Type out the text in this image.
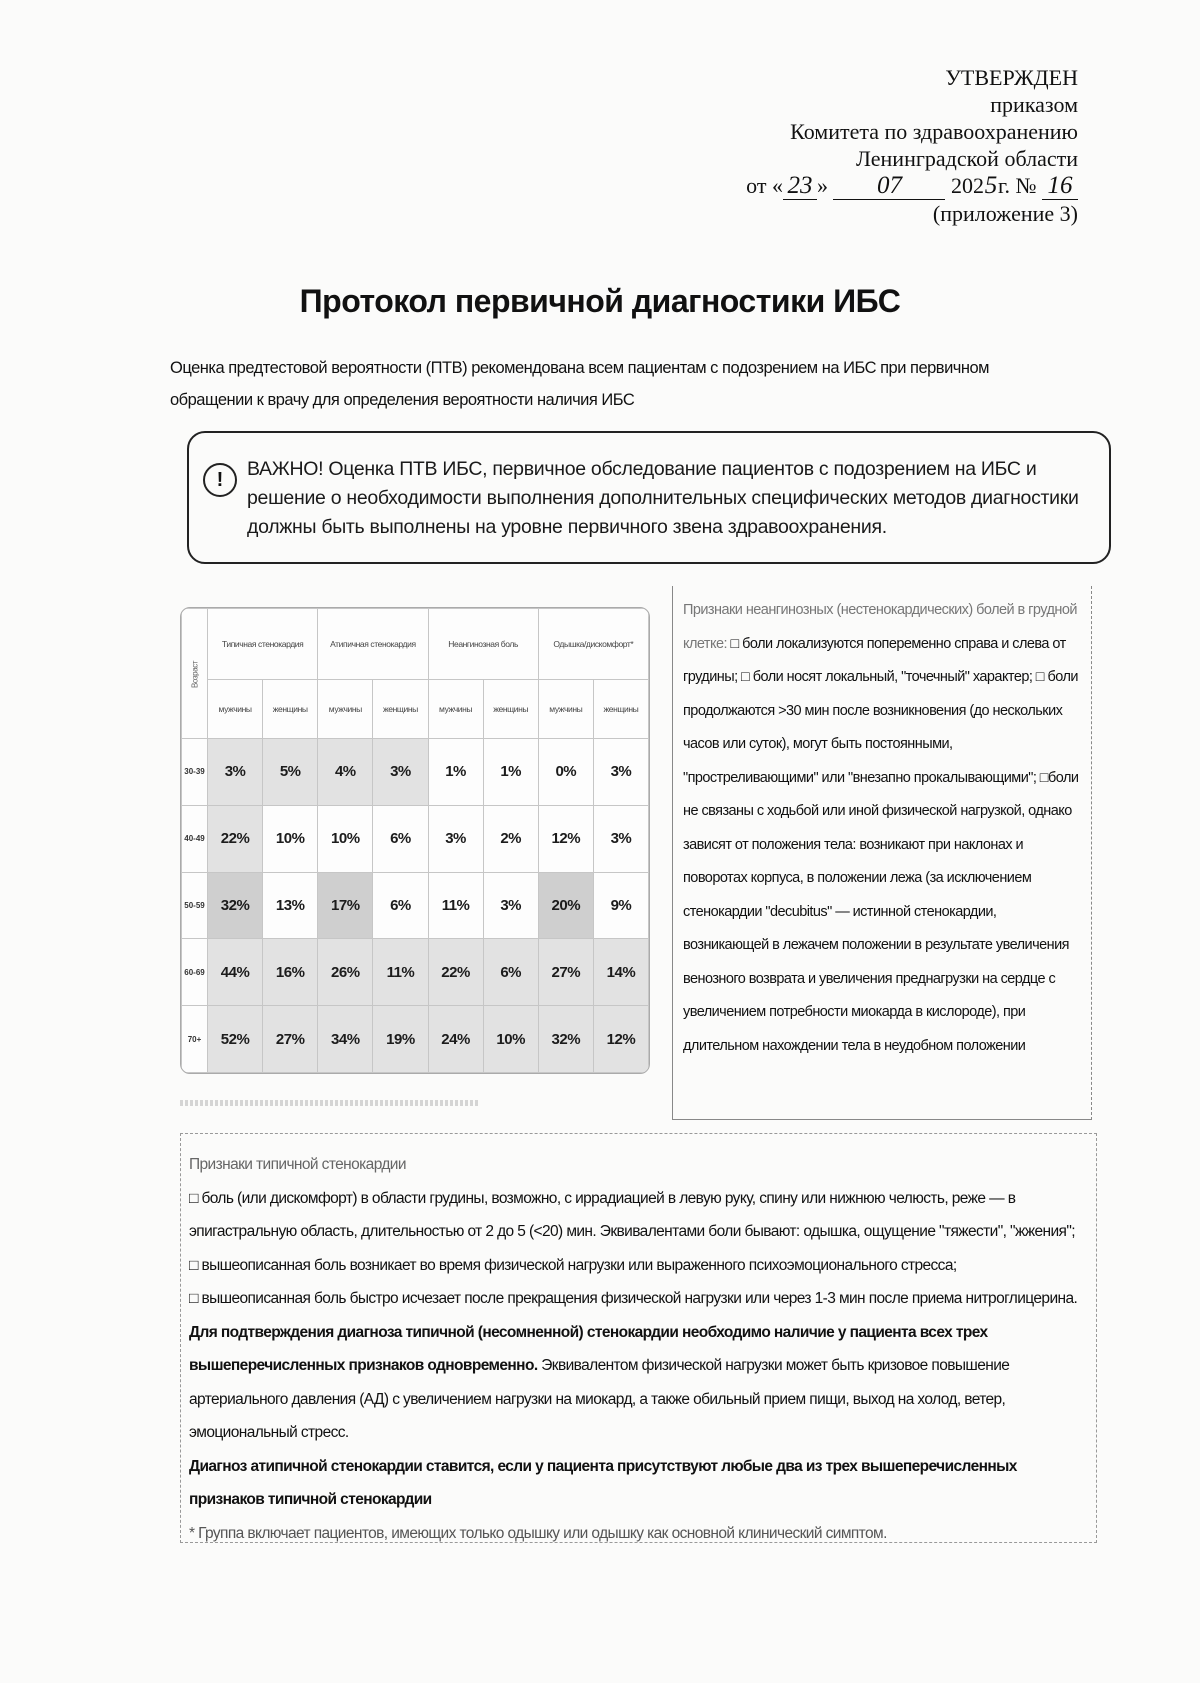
УТВЕРЖДЕН
приказом
Комитета по здравоохранению
Ленинградской области
от « 23 » 07 2025г. № 16
(приложение 3)
Протокол первичной диагностики ИБС
Оценка предтестовой вероятности (ПТВ) рекомендована всем пациентам с подозрением на ИБС при первичном обращении к врачу для определения вероятности наличия ИБС
!	ВАЖНО! Оценка ПТВ ИБС, первичное обследование пациентов с подозрением на ИБС и решение о необходимости выполнения дополнительных специфических методов диагностики должны быть выполнены на уровне первичного звена здравоохранения.
Возраст	Типичная стенокардия		Атипичная стенокардия		Неангинозная боль		Одышка/дискомфорт*	
	мужчины	женщины	мужчины	женщины	мужчины	женщины	мужчины	женщины
30-39	3%	5%	4%	3%	1%	1%	0%	3%
40-49	22%	10%	10%	6%	3%	2%	12%	3%
50-59	32%	13%	17%	6%	11%	3%	20%	9%
60-69	44%	16%	26%	11%	22%	6%	27%	14%
70+	52%	27%	34%	19%	24%	10%	32%	12%
Признаки неангинозных (нестенокардических) болей в грудной клетке: □ боли локализуются попеременно справа и слева от грудины; □ боли носят локальный, "точечный" характер; □ боли продолжаются >30 мин после возникновения (до нескольких часов или суток), могут быть постоянными, "простреливающими" или "внезапно прокалывающими"; □боли не связаны с ходьбой или иной физической нагрузкой, однако зависят от положения тела: возникают при наклонах и поворотах корпуса, в положении лежа (за исключением стенокардии "decubitus" — истинной стенокардии, возникающей в лежачем положении в результате увеличения венозного возврата и увеличения преднагрузки на сердце с увеличением потребности миокарда в кислороде), при длительном нахождении тела в неудобном положении
Признаки типичной стенокардии
□ боль (или дискомфорт) в области грудины, возможно, с иррадиацией в левую руку, спину или нижнюю челюсть, реже — в эпигастральную область, длительностью от 2 до 5 (<20) мин. Эквивалентами боли бывают: одышка, ощущение "тяжести", "жжения";
□ вышеописанная боль возникает во время физической нагрузки или выраженного психоэмоционального стресса;
□ вышеописанная боль быстро исчезает после прекращения физической нагрузки или через 1-3 мин после приема нитроглицерина.
Для подтверждения диагноза типичной (несомненной) стенокардии необходимо наличие у пациента всех трех вышеперечисленных признаков одновременно. Эквивалентом физической нагрузки может быть кризовое повышение артериального давления (АД) с увеличением нагрузки на миокард, а также обильный прием пищи, выход на холод, ветер, эмоциональный стресс.
Диагноз атипичной стенокардии ставится, если у пациента присутствуют любые два из трех вышеперечисленных признаков типичной стенокардии
* Группа включает пациентов, имеющих только одышку или одышку как основной клинический симптом.
